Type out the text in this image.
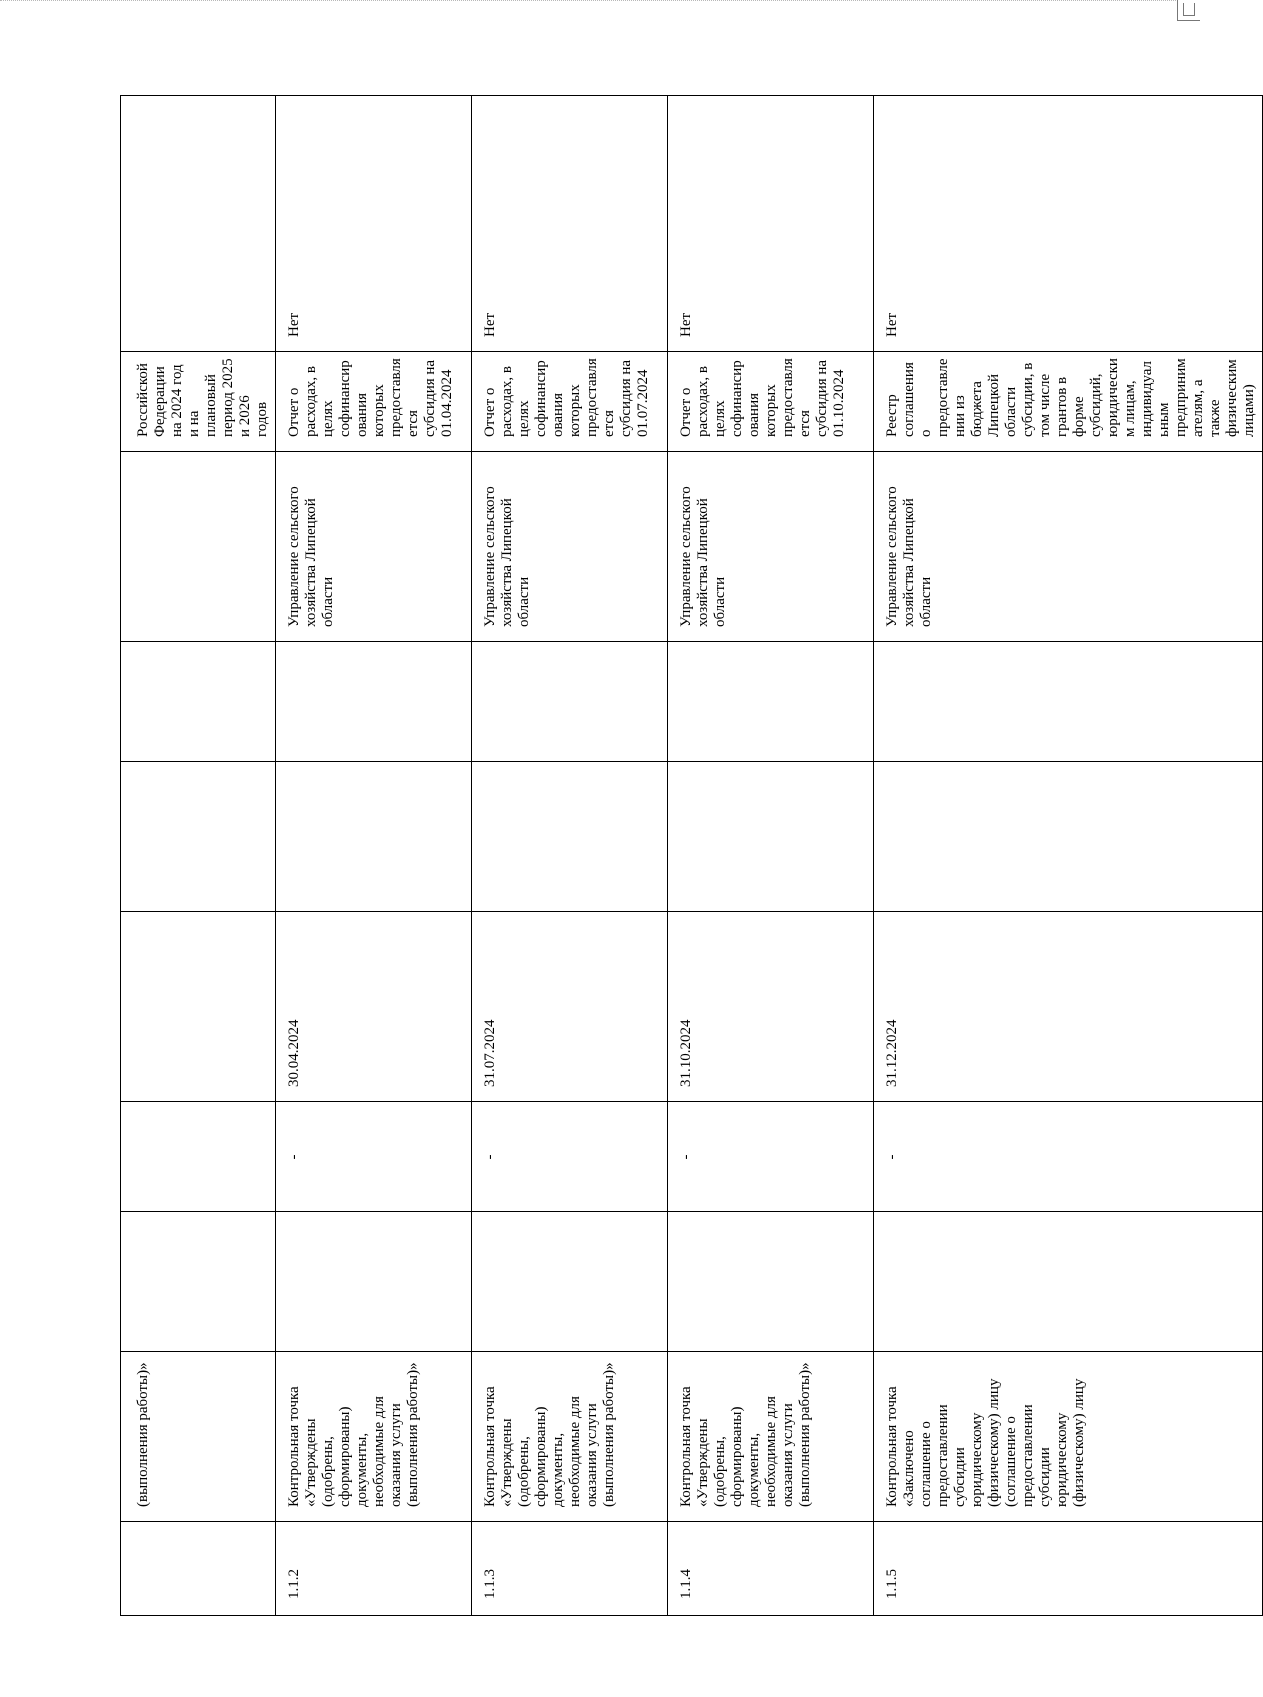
	(выполнения работы)»							Российской Федерации на 2024 год и на плановый период 2025 и 2026 годов	
1.1.2	Контрольная точка «Утверждены (одобрены, сформированы) документы, необходимые для оказания услуги (выполнения работы)»		-	30.04.2024			Управление сельского хозяйства Липецкой области	Отчет о расходах, в целях софинансирования которых предоставляется субсидия на 01.04.2024	Нет
1.1.3	Контрольная точка «Утверждены (одобрены, сформированы) документы, необходимые для оказания услуги (выполнения работы)»		-	31.07.2024			Управление сельского хозяйства Липецкой области	Отчет о расходах, в целях софинансирования которых предоставляется субсидия на 01.07.2024	Нет
1.1.4	Контрольная точка «Утверждены (одобрены, сформированы) документы, необходимые для оказания услуги (выполнения работы)»		-	31.10.2024			Управление сельского хозяйства Липецкой области	Отчет о расходах, в целях софинансирования которых предоставляется субсидия на 01.10.2024	Нет
1.1.5	Контрольная точка «Заключено соглашение о предоставлении субсидии юридическому (физическому) лицу (соглашение о предоставлении субсидии юридическому (физическому) лицу		-	31.12.2024			Управление сельского хозяйства Липецкой области	Реестр соглашения о предоставлении из бюджета Липецкой области субсидии, в том числе грантов в форме субсидий, юридическим лицам, индивидуальным предпринимателям, а также физическим лицами)	Нет
